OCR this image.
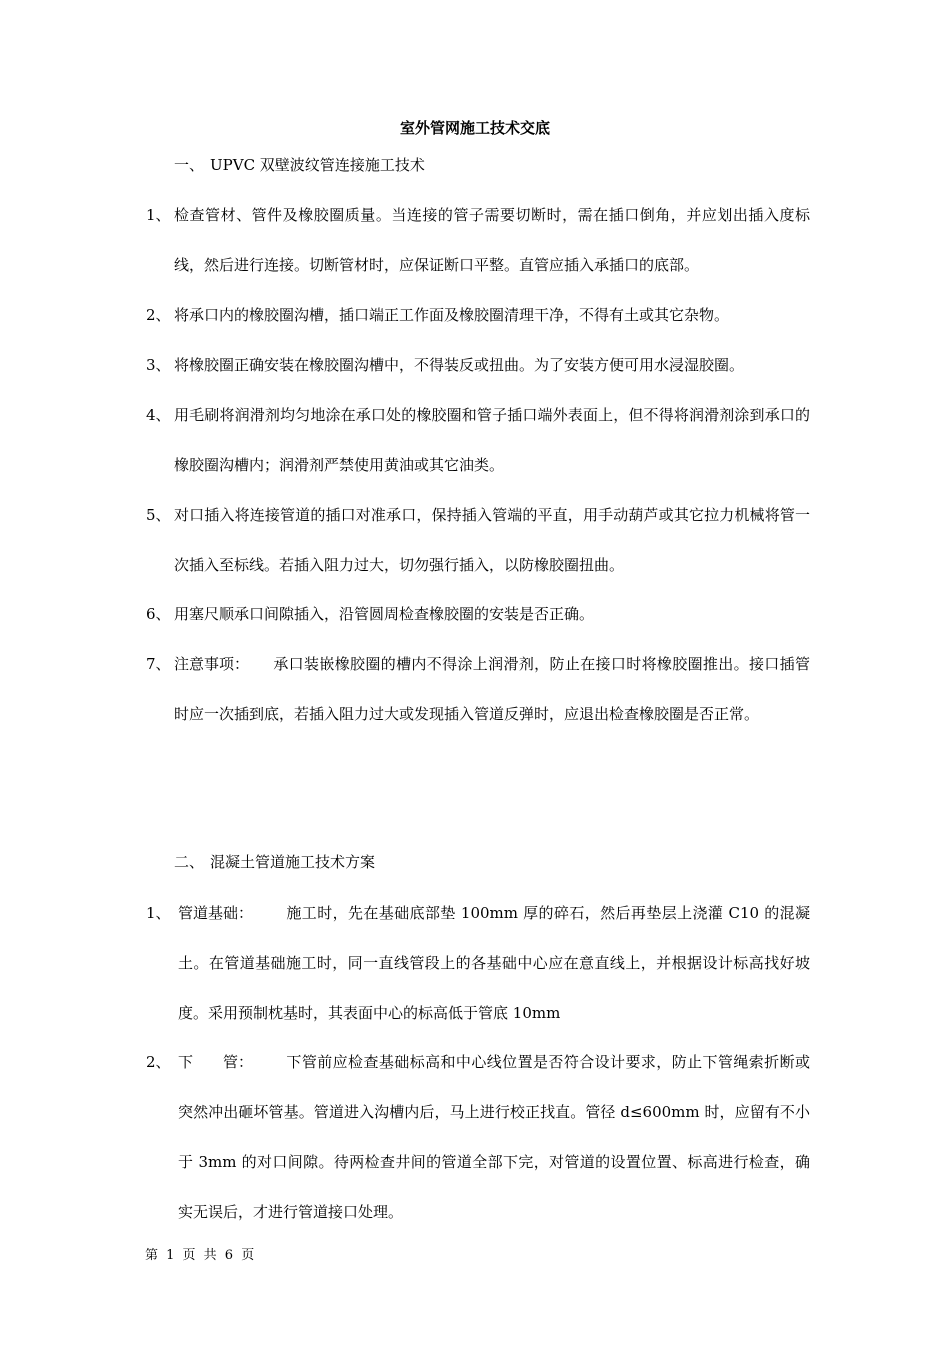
室外管网施工技术交底
一、 UPVC 双壁波纹管连接施工技术
1、 检查管材、管件及橡胶圈质量。当连接的管子需要切断时，需在插口倒角，并应划出插入度标线，然后进行连接。切断管材时，应保证断口平整。直管应插入承插口的底部。
2、 将承口内的橡胶圈沟槽，插口端正工作面及橡胶圈清理干净，不得有土或其它杂物。
3、 将橡胶圈正确安装在橡胶圈沟槽中，不得装反或扭曲。为了安装方便可用水浸湿胶圈。
4、 用毛刷将润滑剂均匀地涂在承口处的橡胶圈和管子插口端外表面上，但不得将润滑剂涂到承口的橡胶圈沟槽内；润滑剂严禁使用黄油或其它油类。
5、 对口插入将连接管道的插口对准承口，保持插入管端的平直，用手动葫芦或其它拉力机械将管一次插入至标线。若插入阻力过大，切勿强行插入，以防橡胶圈扭曲。
6、 用塞尺顺承口间隙插入，沿管圆周检查橡胶圈的安装是否正确。
7、 注意事项： 承口装嵌橡胶圈的槽内不得涂上润滑剂，防止在接口时将橡胶圈推出。接口插管时应一次插到底，若插入阻力过大或发现插入管道反弹时，应退出检查橡胶圈是否正常。
二、 混凝土管道施工技术方案
1、 管道基础： 施工时，先在基础底部垫 100mm 厚的碎石，然后再垫层上浇灌 C10 的混凝土。在管道基础施工时，同一直线管段上的各基础中心应在意直线上，并根据设计标高找好坡度。采用预制枕基时，其表面中心的标高低于管底 10mm
2、 下　　管： 下管前应检查基础标高和中心线位置是否符合设计要求，防止下管绳索折断或突然冲出砸坏管基。管道进入沟槽内后，马上进行校正找直。管径 d≤600mm 时，应留有不小于 3mm 的对口间隙。待两检查井间的管道全部下完，对管道的设置位置、标高进行检查，确实无误后，才进行管道接口处理。
第 1 页 共 6 页
